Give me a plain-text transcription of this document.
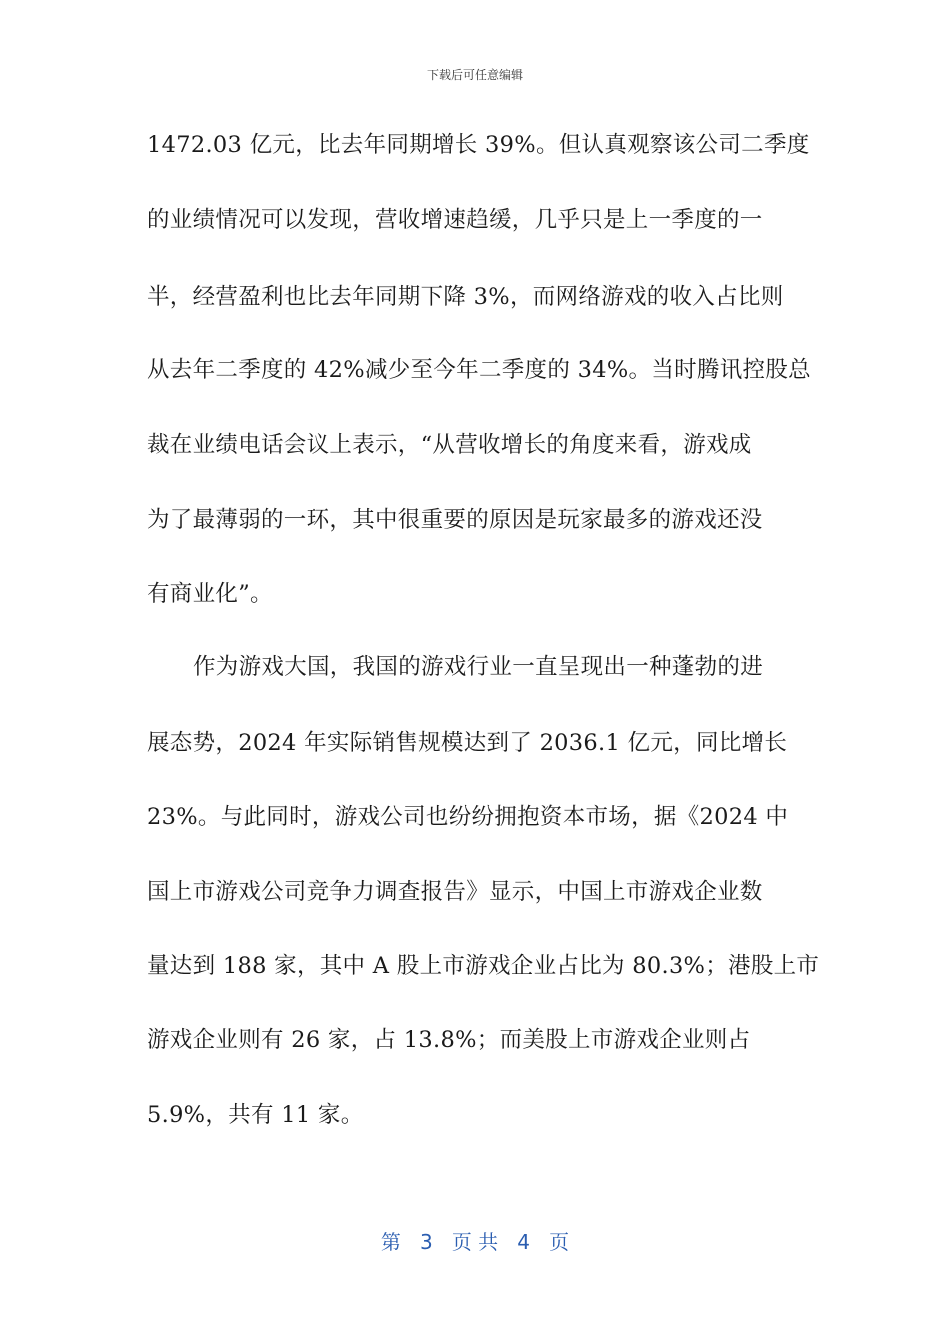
下载后可任意编辑
1472.03 亿元，比去年同期增长 39%。但认真观察该公司二季度
的业绩情况可以发现，营收增速趋缓，几乎只是上一季度的一
半，经营盈利也比去年同期下降 3%，而网络游戏的收入占比则
从去年二季度的 42%减少至今年二季度的 34%。当时腾讯控股总
裁在业绩电话会议上表示，“从营收增长的角度来看，游戏成
为了最薄弱的一环，其中很重要的原因是玩家最多的游戏还没
有商业化”。
作为游戏大国，我国的游戏行业一直呈现出一种蓬勃的进
展态势，2024 年实际销售规模达到了 2036.1 亿元，同比增长
23%。与此同时，游戏公司也纷纷拥抱资本市场，据《2024 中
国上市游戏公司竞争力调查报告》显示，中国上市游戏企业数
量达到 188 家，其中 A 股上市游戏企业占比为 80.3%；港股上市
游戏企业则有 26 家，占 13.8%；而美股上市游戏企业则占
5.9%，共有 11 家。
第 3 页 共 4 页
